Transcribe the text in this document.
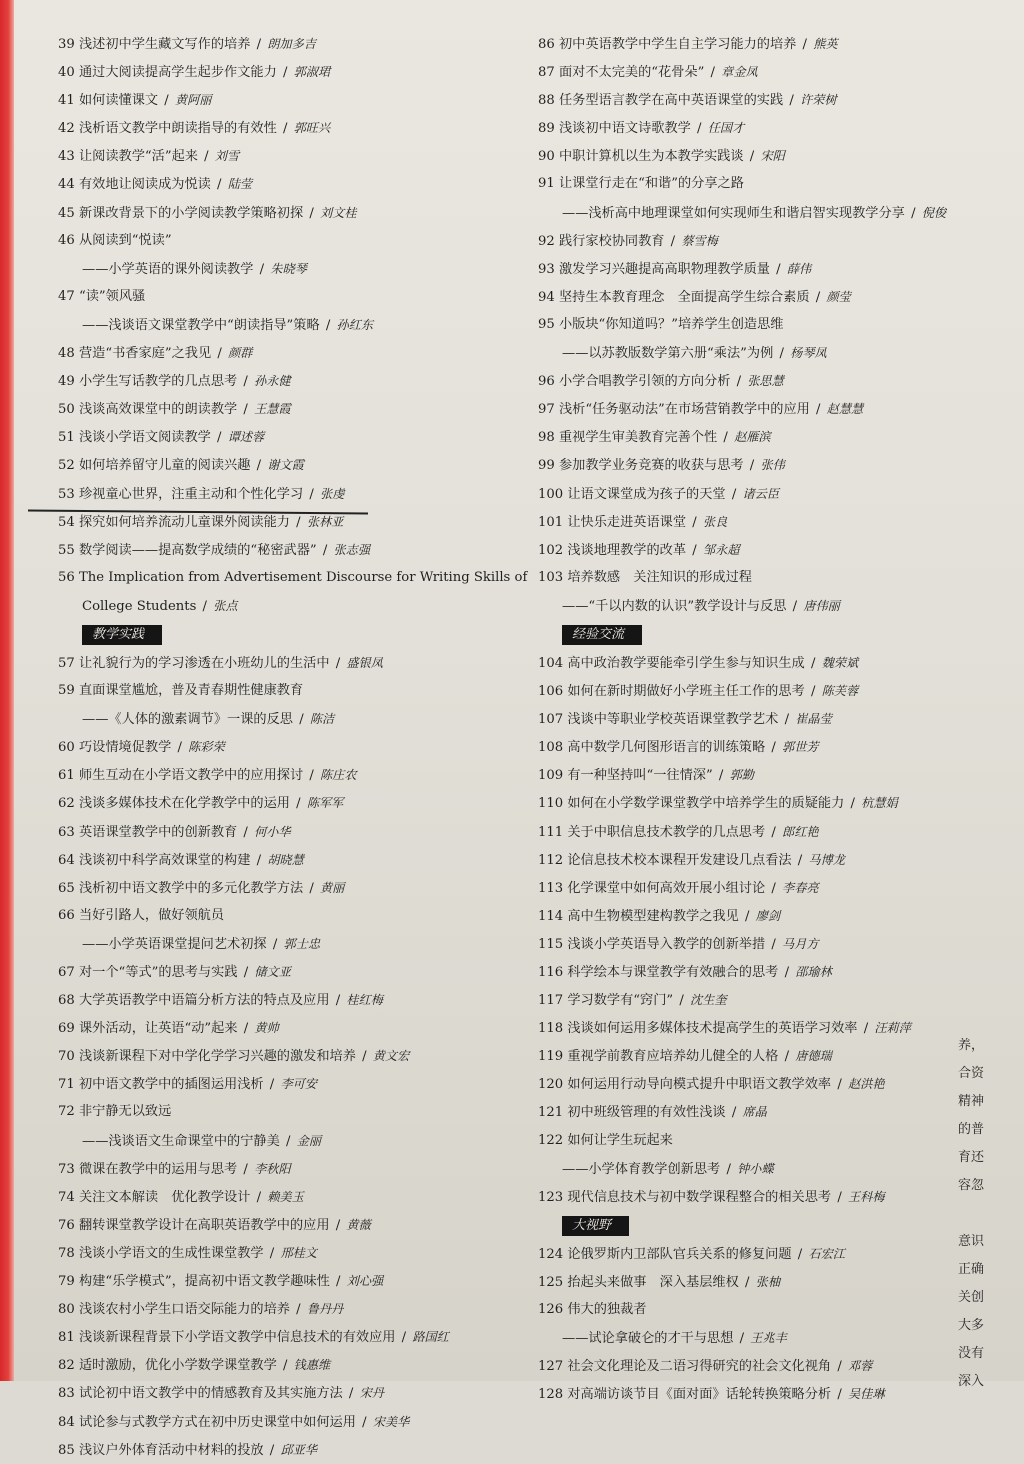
39 浅述初中学生藏文写作的培养 / 朗加多吉
40 通过大阅读提高学生起步作文能力 / 郭淑珺
41 如何读懂课文 / 黄阿丽
42 浅析语文教学中朗读指导的有效性 / 郭旺兴
43 让阅读教学“活”起来 / 刘雪
44 有效地让阅读成为悦读 / 陆莹
45 新课改背景下的小学阅读教学策略初探 / 刘文桂
46 从阅读到“悦读”
——小学英语的课外阅读教学 / 朱晓琴
47 “读”领风骚
——浅谈语文课堂教学中“朗读指导”策略 / 孙红东
48 营造“书香家庭”之我见 / 颜群
49 小学生写话教学的几点思考 / 孙永健
50 浅谈高效课堂中的朗读教学 / 王慧霞
51 浅谈小学语文阅读教学 / 谭述蓉
52 如何培养留守儿童的阅读兴趣 / 谢文霞
53 珍视童心世界，注重主动和个性化学习 / 张虔
54 探究如何培养流动儿童课外阅读能力 / 张林亚
55 数学阅读——提高数学成绩的“秘密武器” / 张志强
56 The Implication from Advertisement Discourse for Writing Skills of
College Students / 张点
教学实践
57 让礼貌行为的学习渗透在小班幼儿的生活中 / 盛银凤
59 直面课堂尴尬，普及青春期性健康教育
——《人体的激素调节》一课的反思 / 陈洁
60 巧设情境促教学 / 陈彩荣
61 师生互动在小学语文教学中的应用探讨 / 陈庄农
62 浅谈多媒体技术在化学教学中的运用 / 陈军军
63 英语课堂教学中的创新教育 / 何小华
64 浅谈初中科学高效课堂的构建 / 胡晓慧
65 浅析初中语文教学中的多元化教学方法 / 黄丽
66 当好引路人，做好领航员
——小学英语课堂提问艺术初探 / 郭士忠
67 对一个“等式”的思考与实践 / 储文亚
68 大学英语教学中语篇分析方法的特点及应用 / 桂红梅
69 课外活动，让英语“动”起来 / 黄帅
70 浅谈新课程下对中学化学学习兴趣的激发和培养 / 黄文宏
71 初中语文教学中的插图运用浅析 / 李可安
72 非宁静无以致远
——浅谈语文生命课堂中的宁静美 / 金丽
73 微课在教学中的运用与思考 / 李秋阳
74 关注文本解读　优化教学设计 / 赖美玉
76 翻转课堂教学设计在高职英语教学中的应用 / 黄薇
78 浅谈小学语文的生成性课堂教学 / 邢桂文
79 构建“乐学模式”，提高初中语文教学趣味性 / 刘心强
80 浅谈农村小学生口语交际能力的培养 / 鲁丹丹
81 浅谈新课程背景下小学语文教学中信息技术的有效应用 / 路国红
82 适时激励，优化小学数学课堂教学 / 钱惠维
83 试论初中语文教学中的情感教育及其实施方法 / 宋丹
84 试论参与式教学方式在初中历史课堂中如何运用 / 宋美华
85 浅议户外体育活动中材料的投放 / 邱亚华
86 初中英语教学中学生自主学习能力的培养 / 熊英
87 面对不太完美的“花骨朵” / 章金凤
88 任务型语言教学在高中英语课堂的实践 / 许荣树
89 浅谈初中语文诗歌教学 / 任国才
90 中职计算机以生为本教学实践谈 / 宋阳
91 让课堂行走在“和谐”的分享之路
——浅析高中地理课堂如何实现师生和谐启智实现教学分享 / 倪俊
92 践行家校协同教育 / 蔡雪梅
93 激发学习兴趣提高高职物理教学质量 / 薛伟
94 坚持生本教育理念　全面提高学生综合素质 / 颜莹
95 小版块“你知道吗？”培养学生创造思维
——以苏教版数学第六册“乘法”为例 / 杨琴凤
96 小学合唱教学引领的方向分析 / 张思慧
97 浅析“任务驱动法”在市场营销教学中的应用 / 赵慧慧
98 重视学生审美教育完善个性 / 赵雁滨
99 参加教学业务竞赛的收获与思考 / 张伟
100 让语文课堂成为孩子的天堂 / 诸云臣
101 让快乐走进英语课堂 / 张良
102 浅谈地理教学的改革 / 邹永超
103 培养数感　关注知识的形成过程
——“千以内数的认识”教学设计与反思 / 唐伟丽
经验交流
104 高中政治教学要能牵引学生参与知识生成 / 魏荣斌
106 如何在新时期做好小学班主任工作的思考 / 陈芙蓉
107 浅谈中等职业学校英语课堂教学艺术 / 崔晶莹
108 高中数学几何图形语言的训练策略 / 郭世芳
109 有一种坚持叫“一往情深” / 郭勤
110 如何在小学数学课堂教学中培养学生的质疑能力 / 杭慧娟
111 关于中职信息技术教学的几点思考 / 郎红艳
112 论信息技术校本课程开发建设几点看法 / 马博龙
113 化学课堂中如何高效开展小组讨论 / 李春亮
114 高中生物模型建构教学之我见 / 廖剑
115 浅谈小学英语导入教学的创新举措 / 马月方
116 科学绘本与课堂教学有效融合的思考 / 邵瑜林
117 学习数学有“窍门” / 沈生奎
118 浅谈如何运用多媒体技术提高学生的英语学习效率 / 汪莉萍
119 重视学前教育应培养幼儿健全的人格 / 唐德瑞
120 如何运用行动导向模式提升中职语文教学效率 / 赵洪艳
121 初中班级管理的有效性浅谈 / 席晶
122 如何让学生玩起来
——小学体育教学创新思考 / 钟小蝶
123 现代信息技术与初中数学课程整合的相关思考 / 王科梅
大视野
124 论俄罗斯内卫部队官兵关系的修复问题 / 石宏江
125 抬起头来做事　深入基层维权 / 张柚
126 伟大的独裁者
——试论拿破仑的才干与思想 / 王兆丰
127 社会文化理论及二语习得研究的社会文化视角 / 邓蓉
128 对高端访谈节目《面对面》话轮转换策略分析 / 吴佳琳
养，
合资
精神
的普
育还
容忽
意识
正确
关创
大多
没有
深入
